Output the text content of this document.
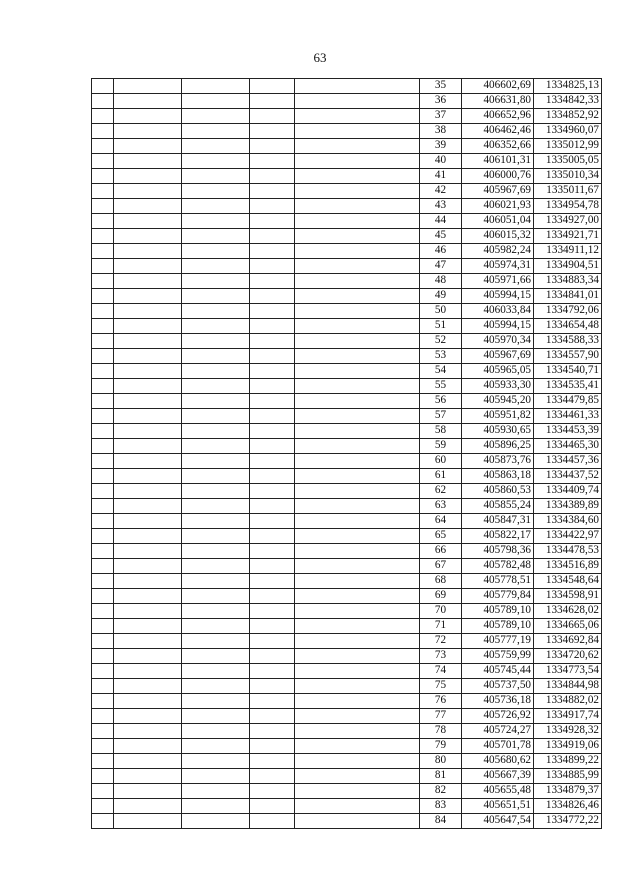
63
					35	406602,69	1334825,13
					36	406631,80	1334842,33
					37	406652,96	1334852,92
					38	406462,46	1334960,07
					39	406352,66	1335012,99
					40	406101,31	1335005,05
					41	406000,76	1335010,34
					42	405967,69	1335011,67
					43	406021,93	1334954,78
					44	406051,04	1334927,00
					45	406015,32	1334921,71
					46	405982,24	1334911,12
					47	405974,31	1334904,51
					48	405971,66	1334883,34
					49	405994,15	1334841,01
					50	406033,84	1334792,06
					51	405994,15	1334654,48
					52	405970,34	1334588,33
					53	405967,69	1334557,90
					54	405965,05	1334540,71
					55	405933,30	1334535,41
					56	405945,20	1334479,85
					57	405951,82	1334461,33
					58	405930,65	1334453,39
					59	405896,25	1334465,30
					60	405873,76	1334457,36
					61	405863,18	1334437,52
					62	405860,53	1334409,74
					63	405855,24	1334389,89
					64	405847,31	1334384,60
					65	405822,17	1334422,97
					66	405798,36	1334478,53
					67	405782,48	1334516,89
					68	405778,51	1334548,64
					69	405779,84	1334598,91
					70	405789,10	1334628,02
					71	405789,10	1334665,06
					72	405777,19	1334692,84
					73	405759,99	1334720,62
					74	405745,44	1334773,54
					75	405737,50	1334844,98
					76	405736,18	1334882,02
					77	405726,92	1334917,74
					78	405724,27	1334928,32
					79	405701,78	1334919,06
					80	405680,62	1334899,22
					81	405667,39	1334885,99
					82	405655,48	1334879,37
					83	405651,51	1334826,46
					84	405647,54	1334772,22
